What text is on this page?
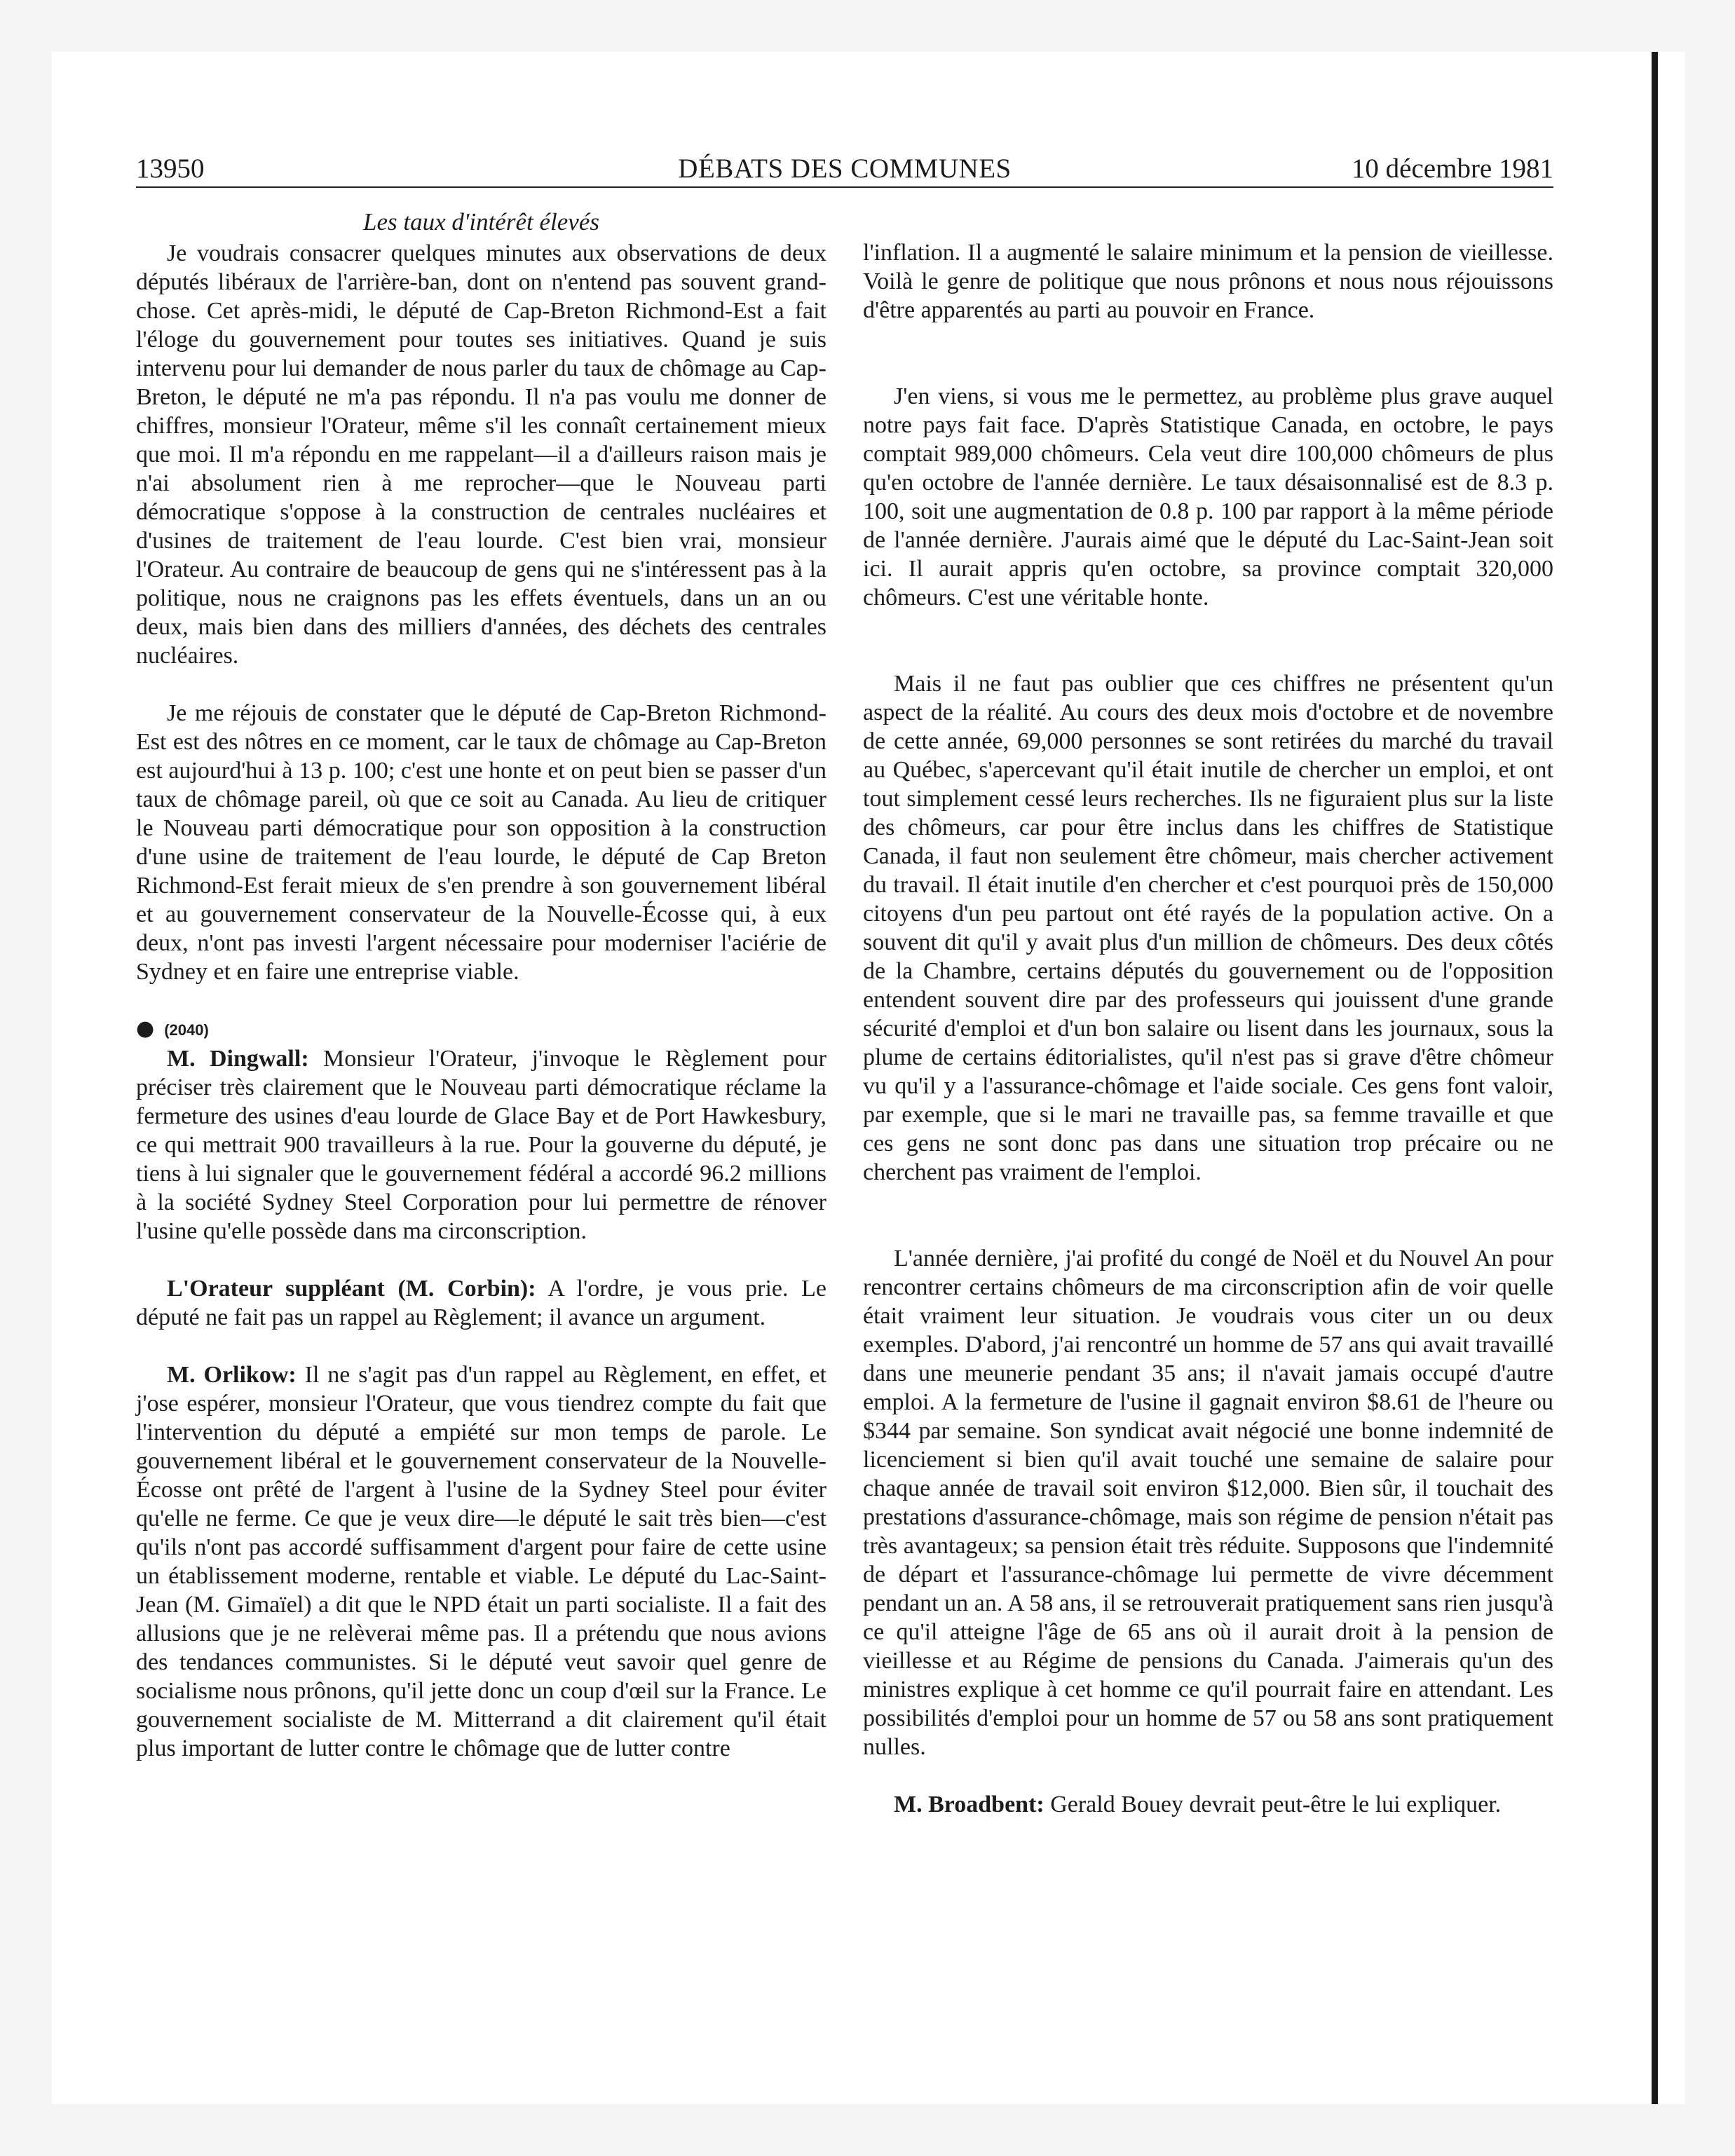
13950	DÉBATS DES COMMUNES	10 décembre 1981
Les taux d'intérêt élevés

Je voudrais consacrer quelques minutes aux observations de deux députés libéraux de l'arrière-ban, dont on n'entend pas souvent grand-chose. Cet après-midi, le député de Cap-Breton Richmond-Est a fait l'éloge du gouvernement pour toutes ses initiatives. Quand je suis intervenu pour lui demander de nous parler du taux de chômage au Cap-Breton, le député ne m'a pas répondu. Il n'a pas voulu me donner de chiffres, monsieur l'Orateur, même s'il les connaît certainement mieux que moi. Il m'a répondu en me rappelant—il a d'ailleurs raison mais je n'ai absolument rien à me reprocher—que le Nouveau parti démocratique s'oppose à la construction de centrales nucléaires et d'usines de traitement de l'eau lourde. C'est bien vrai, monsieur l'Orateur. Au contraire de beaucoup de gens qui ne s'intéressent pas à la politique, nous ne craignons pas les effets éventuels, dans un an ou deux, mais bien dans des milliers d'années, des déchets des centrales nucléaires.

Je me réjouis de constater que le député de Cap-Breton Richmond-Est est des nôtres en ce moment, car le taux de chômage au Cap-Breton est aujourd'hui à 13 p. 100; c'est une honte et on peut bien se passer d'un taux de chômage pareil, où que ce soit au Canada. Au lieu de critiquer le Nouveau parti démocratique pour son opposition à la construction d'une usine de traitement de l'eau lourde, le député de Cap Breton Richmond-Est ferait mieux de s'en prendre à son gouvernement libéral et au gouvernement conservateur de la Nouvelle-Écosse qui, à eux deux, n'ont pas investi l'argent nécessaire pour moderniser l'aciérie de Sydney et en faire une entreprise viable.

● (2040)

M. Dingwall: Monsieur l'Orateur, j'invoque le Règlement pour préciser très clairement que le Nouveau parti démocratique réclame la fermeture des usines d'eau lourde de Glace Bay et de Port Hawkesbury, ce qui mettrait 900 travailleurs à la rue. Pour la gouverne du député, je tiens à lui signaler que le gouvernement fédéral a accordé 96.2 millions à la société Sydney Steel Corporation pour lui permettre de rénover l'usine qu'elle possède dans ma circonscription.

L'Orateur suppléant (M. Corbin): A l'ordre, je vous prie. Le député ne fait pas un rappel au Règlement; il avance un argument.

M. Orlikow: Il ne s'agit pas d'un rappel au Règlement, en effet, et j'ose espérer, monsieur l'Orateur, que vous tiendrez compte du fait que l'intervention du député a empiété sur mon temps de parole. Le gouvernement libéral et le gouvernement conservateur de la Nouvelle-Écosse ont prêté de l'argent à l'usine de la Sydney Steel pour éviter qu'elle ne ferme. Ce que je veux dire—le député le sait très bien—c'est qu'ils n'ont pas accordé suffisamment d'argent pour faire de cette usine un établissement moderne, rentable et viable. Le député du Lac-Saint-Jean (M. Gimaïel) a dit que le NPD était un parti socialiste. Il a fait des allusions que je ne relèverai même pas. Il a prétendu que nous avions des tendances communistes. Si le député veut savoir quel genre de socialisme nous prônons, qu'il jette donc un coup d'œil sur la France. Le gouvernement socialiste de M. Mitterrand a dit clairement qu'il était plus important de lutter contre le chômage que de lutter contre

l'inflation. Il a augmenté le salaire minimum et la pension de vieillesse. Voilà le genre de politique que nous prônons et nous nous réjouissons d'être apparentés au parti au pouvoir en France.

J'en viens, si vous me le permettez, au problème plus grave auquel notre pays fait face. D'après Statistique Canada, en octobre, le pays comptait 989,000 chômeurs. Cela veut dire 100,000 chômeurs de plus qu'en octobre de l'année dernière. Le taux désaisonnalisé est de 8.3 p. 100, soit une augmentation de 0.8 p. 100 par rapport à la même période de l'année dernière. J'aurais aimé que le député du Lac-Saint-Jean soit ici. Il aurait appris qu'en octobre, sa province comptait 320,000 chômeurs. C'est une véritable honte.

Mais il ne faut pas oublier que ces chiffres ne présentent qu'un aspect de la réalité. Au cours des deux mois d'octobre et de novembre de cette année, 69,000 personnes se sont retirées du marché du travail au Québec, s'apercevant qu'il était inutile de chercher un emploi, et ont tout simplement cessé leurs recherches. Ils ne figuraient plus sur la liste des chômeurs, car pour être inclus dans les chiffres de Statistique Canada, il faut non seulement être chômeur, mais chercher activement du travail. Il était inutile d'en chercher et c'est pourquoi près de 150,000 citoyens d'un peu partout ont été rayés de la population active. On a souvent dit qu'il y avait plus d'un million de chômeurs. Des deux côtés de la Chambre, certains députés du gouvernement ou de l'opposition entendent souvent dire par des professeurs qui jouissent d'une grande sécurité d'emploi et d'un bon salaire ou lisent dans les journaux, sous la plume de certains éditorialistes, qu'il n'est pas si grave d'être chômeur vu qu'il y a l'assurance-chômage et l'aide sociale. Ces gens font valoir, par exemple, que si le mari ne travaille pas, sa femme travaille et que ces gens ne sont donc pas dans une situation trop précaire ou ne cherchent pas vraiment de l'emploi.

L'année dernière, j'ai profité du congé de Noël et du Nouvel An pour rencontrer certains chômeurs de ma circonscription afin de voir quelle était vraiment leur situation. Je voudrais vous citer un ou deux exemples. D'abord, j'ai rencontré un homme de 57 ans qui avait travaillé dans une meunerie pendant 35 ans; il n'avait jamais occupé d'autre emploi. A la fermeture de l'usine il gagnait environ $8.61 de l'heure ou $344 par semaine. Son syndicat avait négocié une bonne indemnité de licenciement si bien qu'il avait touché une semaine de salaire pour chaque année de travail soit environ $12,000. Bien sûr, il touchait des prestations d'assurance-chômage, mais son régime de pension n'était pas très avantageux; sa pension était très réduite. Supposons que l'indemnité de départ et l'assurance-chômage lui permette de vivre décemment pendant un an. A 58 ans, il se retrouverait pratiquement sans rien jusqu'à ce qu'il atteigne l'âge de 65 ans où il aurait droit à la pension de vieillesse et au Régime de pensions du Canada. J'aimerais qu'un des ministres explique à cet homme ce qu'il pourrait faire en attendant. Les possibilités d'emploi pour un homme de 57 ou 58 ans sont pratiquement nulles.

M. Broadbent: Gerald Bouey devrait peut-être le lui expliquer.
